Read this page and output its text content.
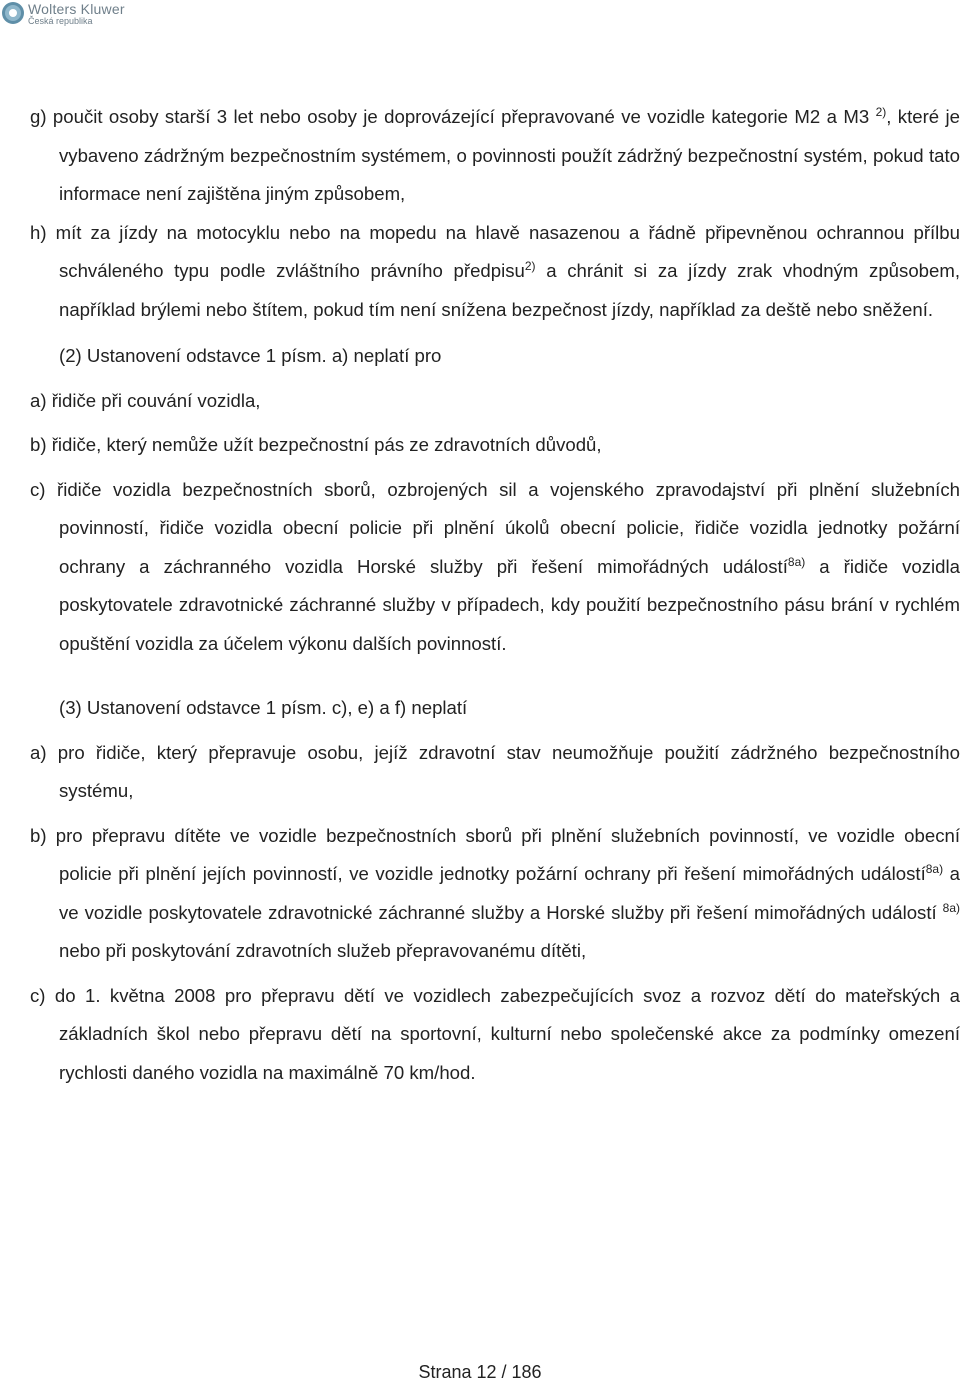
Wolters Kluwer
Česká republika

g) poučit osoby starší 3 let nebo osoby je doprovázející přepravované ve vozidle kategorie M2 a M3 $^{2)}$, které je vybaveno zádržným bezpečnostním systémem, o povinnosti použít zádržný bezpečnostní systém, pokud tato informace není zajištěna jiným způsobem,

h) mít za jízdy na motocyklu nebo na mopedu na hlavě nasazenou a řádně připevněnou ochrannou přílbu schváleného typu podle zvláštního právního předpisu$^{2)}$ a chránit si za jízdy zrak vhodným způsobem, například brýlemi nebo štítem, pokud tím není snížena bezpečnost jízdy, například za deště nebo sněžení.

(2) Ustanovení odstavce 1 písm. a) neplatí pro

a) řidiče při couvání vozidla,

b) řidiče, který nemůže užít bezpečnostní pás ze zdravotních důvodů,

c) řidiče vozidla bezpečnostních sborů, ozbrojených sil a vojenského zpravodajství při plnění služebních povinností, řidiče vozidla obecní policie při plnění úkolů obecní policie, řidiče vozidla jednotky požární ochrany a záchranného vozidla Horské služby při řešení mimořádných událostí$^{8a)}$ a řidiče vozidla poskytovatele zdravotnické záchranné služby v případech, kdy použití bezpečnostního pásu brání v rychlém opuštění vozidla za účelem výkonu dalších povinností.

(3) Ustanovení odstavce 1 písm. c), e) a f) neplatí

a) pro řidiče, který přepravuje osobu, jejíž zdravotní stav neumožňuje použití zádržného bezpečnostního systému,

b) pro přepravu dítěte ve vozidle bezpečnostních sborů při plnění služebních povinností, ve vozidle obecní policie při plnění jejích povinností, ve vozidle jednotky požární ochrany při řešení mimořádných událostí$^{8a)}$ a ve vozidle poskytovatele zdravotnické záchranné služby a Horské služby při řešení mimořádných událostí $^{8a)}$ nebo při poskytování zdravotních služeb přepravovanému dítěti,

c) do 1. května 2008 pro přepravu dětí ve vozidlech zabezpečujících svoz a rozvoz dětí do mateřských a základních škol nebo přepravu dětí na sportovní, kulturní nebo společenské akce za podmínky omezení rychlosti daného vozidla na maximálně 70 km/hod.

Strana 12 / 186
